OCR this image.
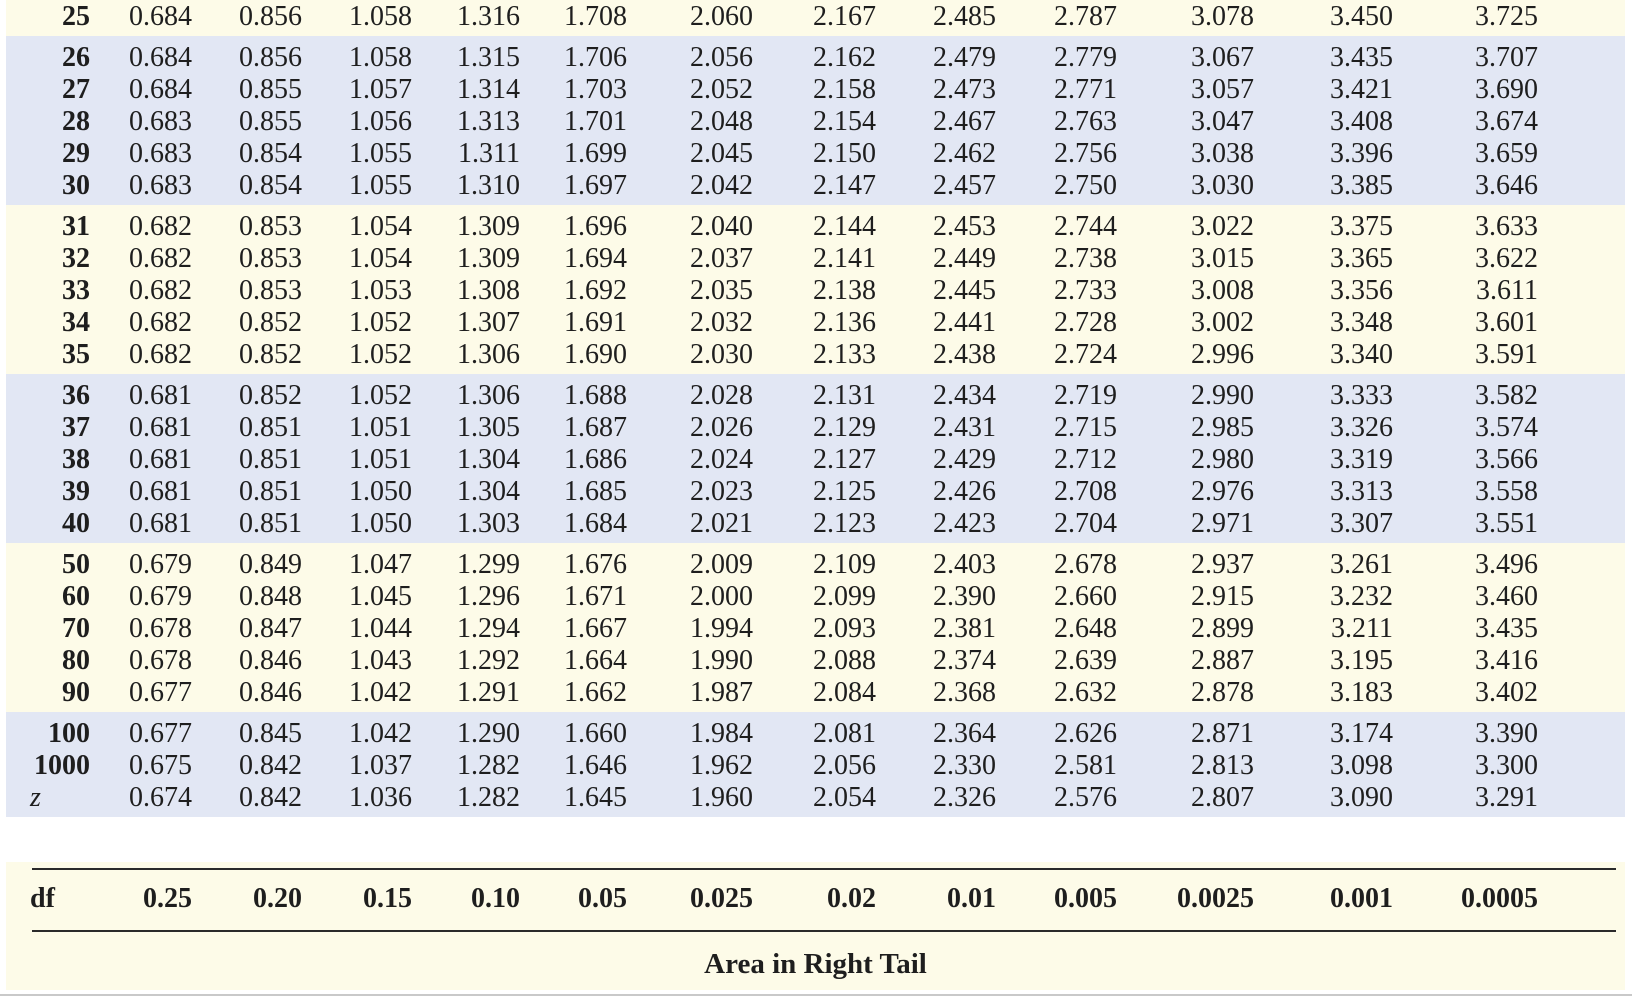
25	0.684	0.856	1.058	1.316	1.708	2.060	2.167	2.485	2.787	3.078	3.450	3.725
26	0.684	0.856	1.058	1.315	1.706	2.056	2.162	2.479	2.779	3.067	3.435	3.707
27	0.684	0.855	1.057	1.314	1.703	2.052	2.158	2.473	2.771	3.057	3.421	3.690
28	0.683	0.855	1.056	1.313	1.701	2.048	2.154	2.467	2.763	3.047	3.408	3.674
29	0.683	0.854	1.055	1.311	1.699	2.045	2.150	2.462	2.756	3.038	3.396	3.659
30	0.683	0.854	1.055	1.310	1.697	2.042	2.147	2.457	2.750	3.030	3.385	3.646
31	0.682	0.853	1.054	1.309	1.696	2.040	2.144	2.453	2.744	3.022	3.375	3.633
32	0.682	0.853	1.054	1.309	1.694	2.037	2.141	2.449	2.738	3.015	3.365	3.622
33	0.682	0.853	1.053	1.308	1.692	2.035	2.138	2.445	2.733	3.008	3.356	3.611
34	0.682	0.852	1.052	1.307	1.691	2.032	2.136	2.441	2.728	3.002	3.348	3.601
35	0.682	0.852	1.052	1.306	1.690	2.030	2.133	2.438	2.724	2.996	3.340	3.591
36	0.681	0.852	1.052	1.306	1.688	2.028	2.131	2.434	2.719	2.990	3.333	3.582
37	0.681	0.851	1.051	1.305	1.687	2.026	2.129	2.431	2.715	2.985	3.326	3.574
38	0.681	0.851	1.051	1.304	1.686	2.024	2.127	2.429	2.712	2.980	3.319	3.566
39	0.681	0.851	1.050	1.304	1.685	2.023	2.125	2.426	2.708	2.976	3.313	3.558
40	0.681	0.851	1.050	1.303	1.684	2.021	2.123	2.423	2.704	2.971	3.307	3.551
50	0.679	0.849	1.047	1.299	1.676	2.009	2.109	2.403	2.678	2.937	3.261	3.496
60	0.679	0.848	1.045	1.296	1.671	2.000	2.099	2.390	2.660	2.915	3.232	3.460
70	0.678	0.847	1.044	1.294	1.667	1.994	2.093	2.381	2.648	2.899	3.211	3.435
80	0.678	0.846	1.043	1.292	1.664	1.990	2.088	2.374	2.639	2.887	3.195	3.416
90	0.677	0.846	1.042	1.291	1.662	1.987	2.084	2.368	2.632	2.878	3.183	3.402
100	0.677	0.845	1.042	1.290	1.660	1.984	2.081	2.364	2.626	2.871	3.174	3.390
1000	0.675	0.842	1.037	1.282	1.646	1.962	2.056	2.330	2.581	2.813	3.098	3.300
z	0.674	0.842	1.036	1.282	1.645	1.960	2.054	2.326	2.576	2.807	3.090	3.291
df	0.25	0.20	0.15	0.10	0.05	0.025	0.02	0.01	0.005	0.0025	0.001	0.0005
Area in Right Tail
